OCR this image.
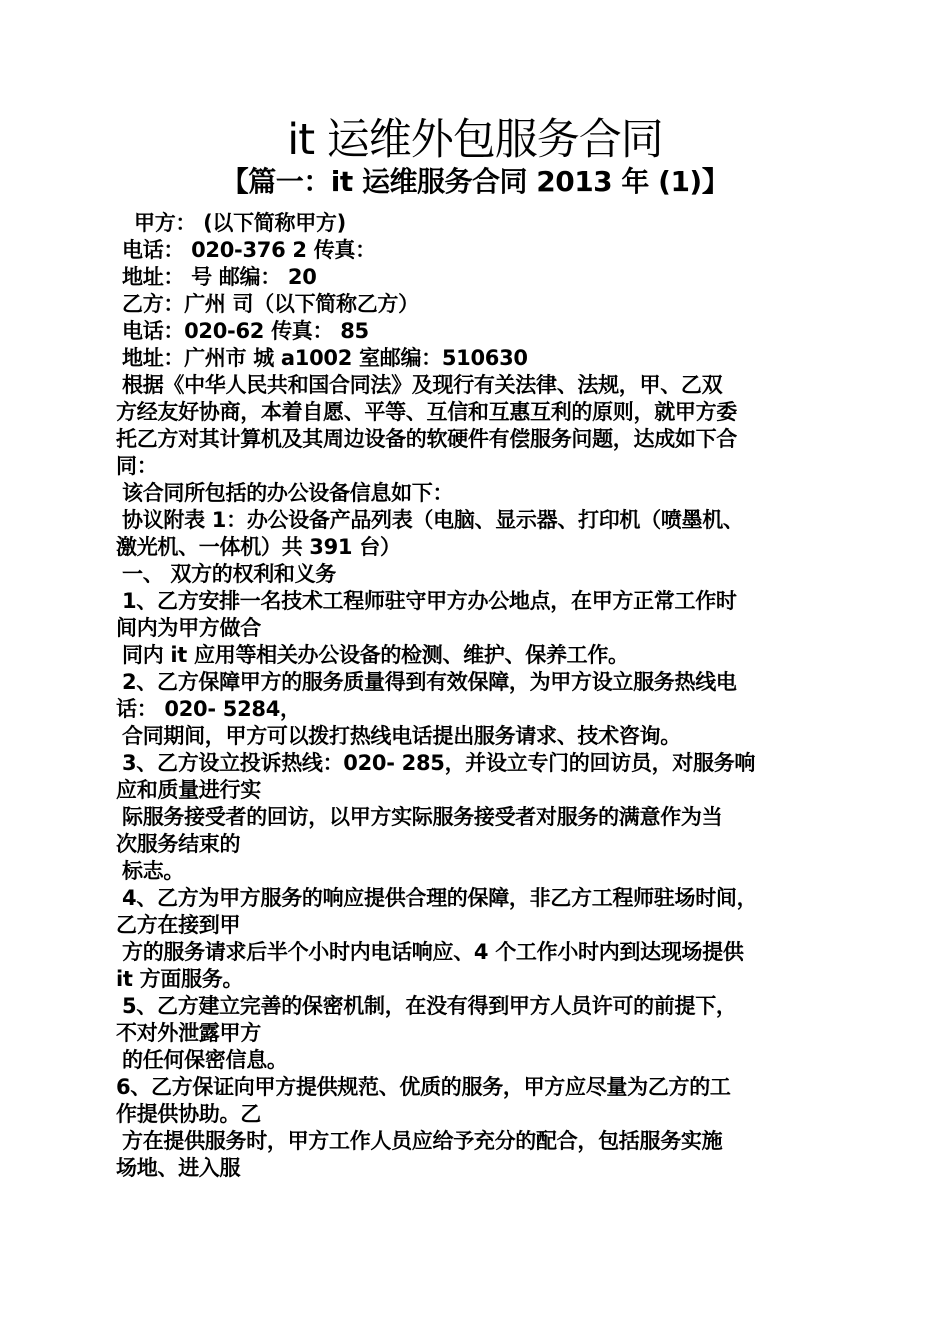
it 运维外包服务合同
【篇一：it 运维服务合同 2013 年 (1)】
甲方： (以下简称甲方)
电话： 020-376 2 传真：
地址： 号 邮编： 20
乙方：广州 司（以下简称乙方）
电话：020-62 传真： 85
地址：广州市 城 a1002 室邮编：510630
根据《中华人民共和国合同法》及现行有关法律、法规，甲、乙双
方经友好协商，本着自愿、平等、互信和互惠互利的原则，就甲方委
托乙方对其计算机及其周边设备的软硬件有偿服务问题，达成如下合
同：
该合同所包括的办公设备信息如下：
协议附表 1：办公设备产品列表（电脑、显示器、打印机（喷墨机、
激光机、一体机）共 391 台）
一、 双方的权利和义务
1、乙方安排一名技术工程师驻守甲方办公地点，在甲方正常工作时
间内为甲方做合
同内 it 应用等相关办公设备的检测、维护、保养工作。
2、乙方保障甲方的服务质量得到有效保障，为甲方设立服务热线电
话： 020- 5284，
合同期间，甲方可以拨打热线电话提出服务请求、技术咨询。
3、乙方设立投诉热线：020- 285，并设立专门的回访员，对服务响
应和质量进行实
际服务接受者的回访，以甲方实际服务接受者对服务的满意作为当
次服务结束的
标志。
4、乙方为甲方服务的响应提供合理的保障，非乙方工程师驻场时间，
乙方在接到甲
方的服务请求后半个小时内电话响应、4 个工作小时内到达现场提供
it 方面服务。
5、乙方建立完善的保密机制，在没有得到甲方人员许可的前提下，
不对外泄露甲方
的任何保密信息。
6、乙方保证向甲方提供规范、优质的服务，甲方应尽量为乙方的工
作提供协助。乙
方在提供服务时，甲方工作人员应给予充分的配合，包括服务实施
场地、进入服
